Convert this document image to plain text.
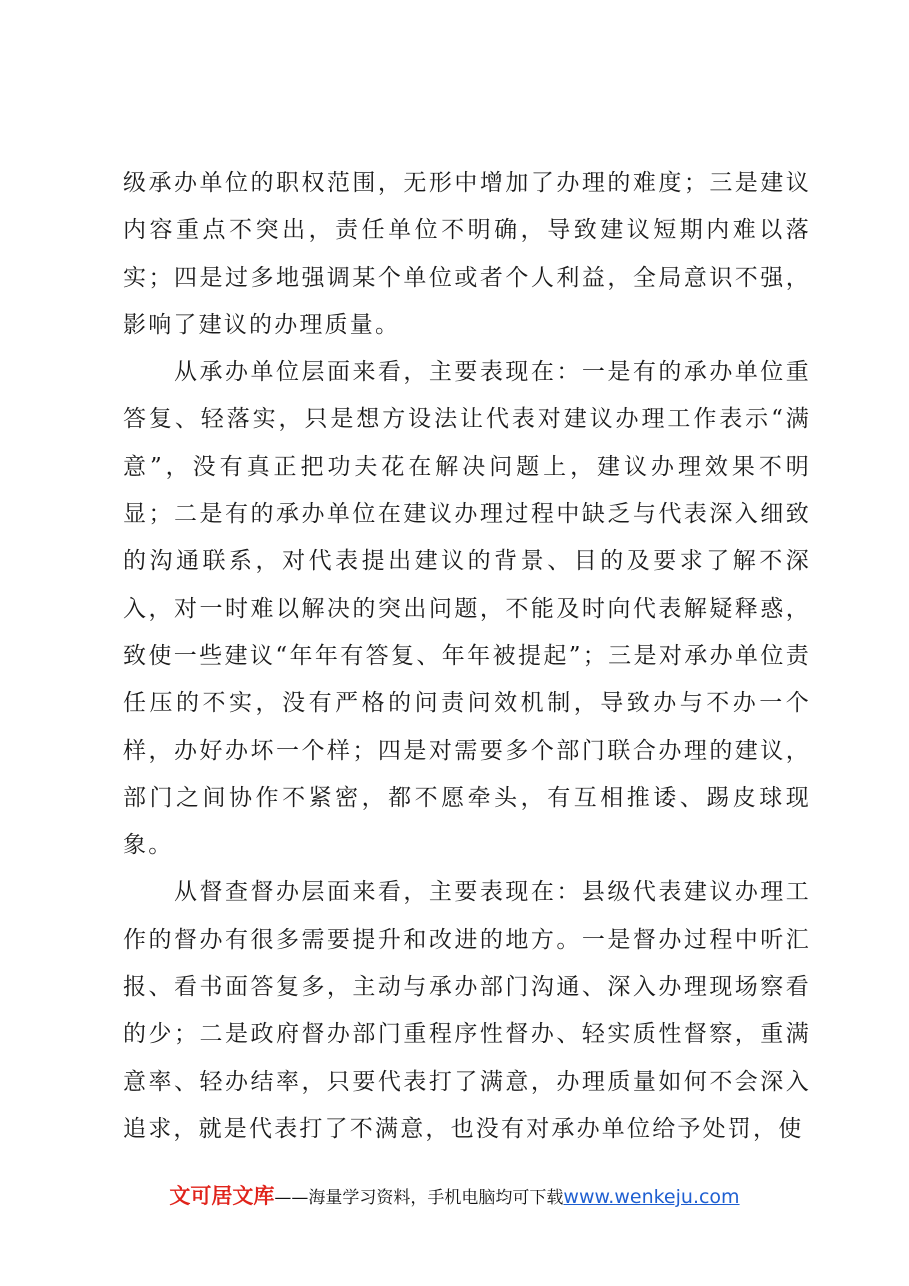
级承办单位的职权范围，无形中增加了办理的难度；三是建议内容重点不突出，责任单位不明确，导致建议短期内难以落实；四是过多地强调某个单位或者个人利益，全局意识不强，影响了建议的办理质量。

从承办单位层面来看，主要表现在：一是有的承办单位重答复、轻落实，只是想方设法让代表对建议办理工作表示“满意”，没有真正把功夫花在解决问题上，建议办理效果不明显；二是有的承办单位在建议办理过程中缺乏与代表深入细致的沟通联系，对代表提出建议的背景、目的及要求了解不深入，对一时难以解决的突出问题，不能及时向代表解疑释惑，致使一些建议“年年有答复、年年被提起”；三是对承办单位责任压的不实，没有严格的问责问效机制，导致办与不办一个样，办好办坏一个样；四是对需要多个部门联合办理的建议，部门之间协作不紧密，都不愿牵头，有互相推诿、踢皮球现象。

从督查督办层面来看，主要表现在：县级代表建议办理工作的督办有很多需要提升和改进的地方。一是督办过程中听汇报、看书面答复多，主动与承办部门沟通、深入办理现场察看的少；二是政府督办部门重程序性督办、轻实质性督察，重满意率、轻办结率，只要代表打了满意，办理质量如何不会深入追求，就是代表打了不满意，也没有对承办单位给予处罚，使

文可居文库——海量学习资料，手机电脑均可下载www.wenkeju.com
